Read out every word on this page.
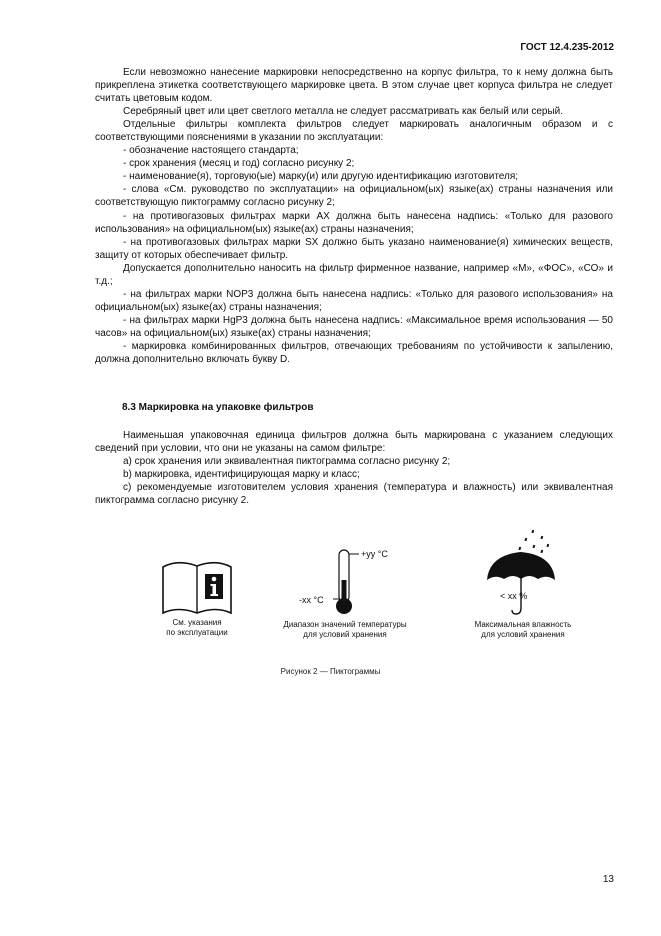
ГОСТ 12.4.235-2012

Если невозможно нанесение маркировки непосредственно на корпус фильтра, то к нему должна быть прикреплена этикетка соответствующего маркировке цвета. В этом случае цвет корпуса фильтра не следует считать цветовым кодом.

Серебряный цвет или цвет светлого металла не следует рассматривать как белый или серый.

Отдельные фильтры комплекта фильтров следует маркировать аналогичным образом и с соответствующими пояснениями в указании по эксплуатации:

- обозначение настоящего стандарта;

- срок хранения (месяц и год) согласно рисунку 2;

- наименование(я), торговую(ые) марку(и) или другую идентификацию изготовителя;

- слова «См. руководство по эксплуатации» на официальном(ых) языке(ах) страны назначения или соответствующую пиктограмму согласно рисунку 2;

- на противогазовых фильтрах марки АХ должна быть нанесена надпись: «Только для разового использования» на официальном(ых) языке(ах) страны назначения;

- на противогазовых фильтрах марки SX должно быть указано наименование(я) химических веществ, защиту от которых обеспечивает фильтр.

Допускается дополнительно наносить на фильтр фирменное название, например «М», «ФОС», «СО» и т.д.;

- на фильтрах марки NOP3 должна быть нанесена надпись: «Только для разового использования» на официальном(ых) языке(ах) страны назначения;

- на фильтрах марки HgP3 должна быть нанесена надпись: «Максимальное время использования — 50 часов» на официальном(ых) языке(ах) страны назначения;

- маркировка комбинированных фильтров, отвечающих требованиям по устойчивости к запылению, должна дополнительно включать букву D.

8.3 Маркировка на упаковке фильтров

Наименьшая упаковочная единица фильтров должна быть маркирована с указанием следующих сведений при условии, что они не указаны на самом фильтре:

a) срок хранения или эквивалентная пиктограмма согласно рисунку 2;

b) маркировка, идентифицирующая марку и класс;

c) рекомендуемые изготовителем условия хранения (температура и влажность) или эквивалентная пиктограмма согласно рисунку 2.

См. указания
по эксплуатации
+yy °C
-xx °C
Диапазон значений температуры
для условий хранения
< xx %
Максимальная влажность
для условий хранения
Рисунок 2 — Пиктограммы
13
